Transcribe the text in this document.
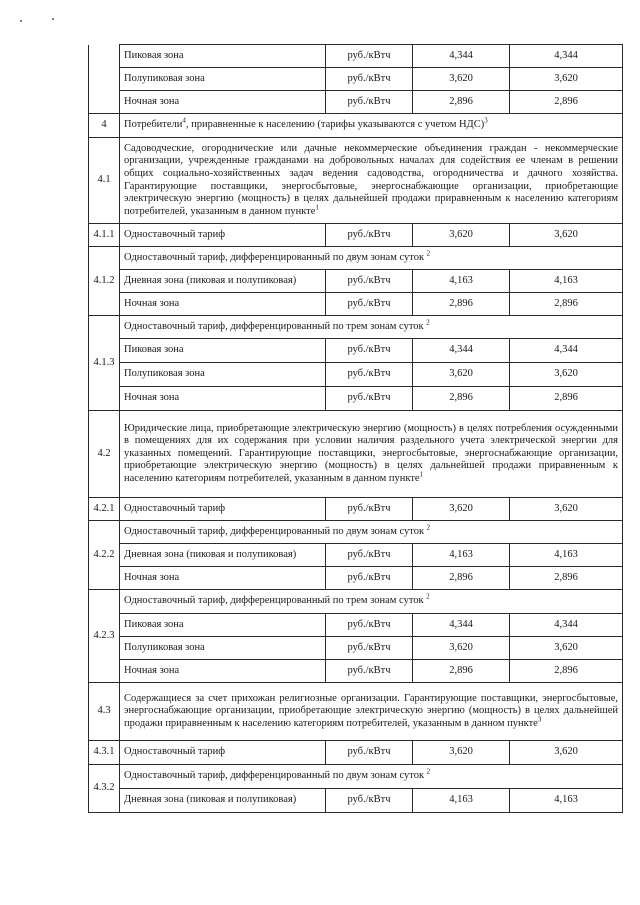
	Пиковая зона	руб./кВтч	4,344	4,344
	Полупиковая зона	руб./кВтч	3,620	3,620
	Ночная зона	руб./кВтч	2,896	2,896
4	Потребители$^4$, приравненные к населению (тарифы указываются с учетом НДС)$^3$
4.1	Садоводческие, огороднические или дачные некоммерческие объединения граждан - некоммерческие организации, учрежденные гражданами на добровольных началах для содействия ее членам в решении общих социально-хозяйственных задач ведения садоводства, огородничества и дачного хозяйства. Гарантирующие поставщики, энергосбытовые, энергоснабжающие организации, приобретающие электрическую энергию (мощность) в целях дальнейшей продажи приравненным к населению категориям потребителей, указанным в данном пункте$^1$
4.1.1	Одноставочный тариф	руб./кВтч	3,620	3,620
4.1.2	Одноставочный тариф, дифференцированный по двум зонам суток $^2$
	Дневная зона (пиковая и полупиковая)	руб./кВтч	4,163	4,163
	Ночная зона	руб./кВтч	2,896	2,896
4.1.3	Одноставочный тариф, дифференцированный по трем зонам суток $^2$
	Пиковая зона	руб./кВтч	4,344	4,344
	Полупиковая зона	руб./кВтч	3,620	3,620
	Ночная зона	руб./кВтч	2,896	2,896
4.2	Юридические лица, приобретающие электрическую энергию (мощность) в целях потребления осужденными в помещениях для их содержания при условии наличия раздельного учета электрической энергии для указанных помещений. Гарантирующие поставщики, энергосбытовые, энергоснабжающие организации, приобретающие электрическую энергию (мощность) в целях дальнейшей продажи приравненным к населению категориям потребителей, указанным в данном пункте$^1$
4.2.1	Одноставочный тариф	руб./кВтч	3,620	3,620
4.2.2	Одноставочный тариф, дифференцированный по двум зонам суток $^2$
	Дневная зона (пиковая и полупиковая)	руб./кВтч	4,163	4,163
	Ночная зона	руб./кВтч	2,896	2,896
4.2.3	Одноставочный тариф, дифференцированный по трем зонам суток $^2$
	Пиковая зона	руб./кВтч	4,344	4,344
	Полупиковая зона	руб./кВтч	3,620	3,620
	Ночная зона	руб./кВтч	2,896	2,896
4.3	Содержащиеся за счет прихожан религиозные организации. Гарантирующие поставщики, энергосбытовые, энергоснабжающие организации, приобретающие электрическую энергию (мощность) в целях дальнейшей продажи приравненным к населению категориям потребителей, указанным в данном пункте$^3$
4.3.1	Одноставочный тариф	руб./кВтч	3,620	3,620
4.3.2	Одноставочный тариф, дифференцированный по двум зонам суток $^2$
	Дневная зона (пиковая и полупиковая)	руб./кВтч	4,163	4,163
